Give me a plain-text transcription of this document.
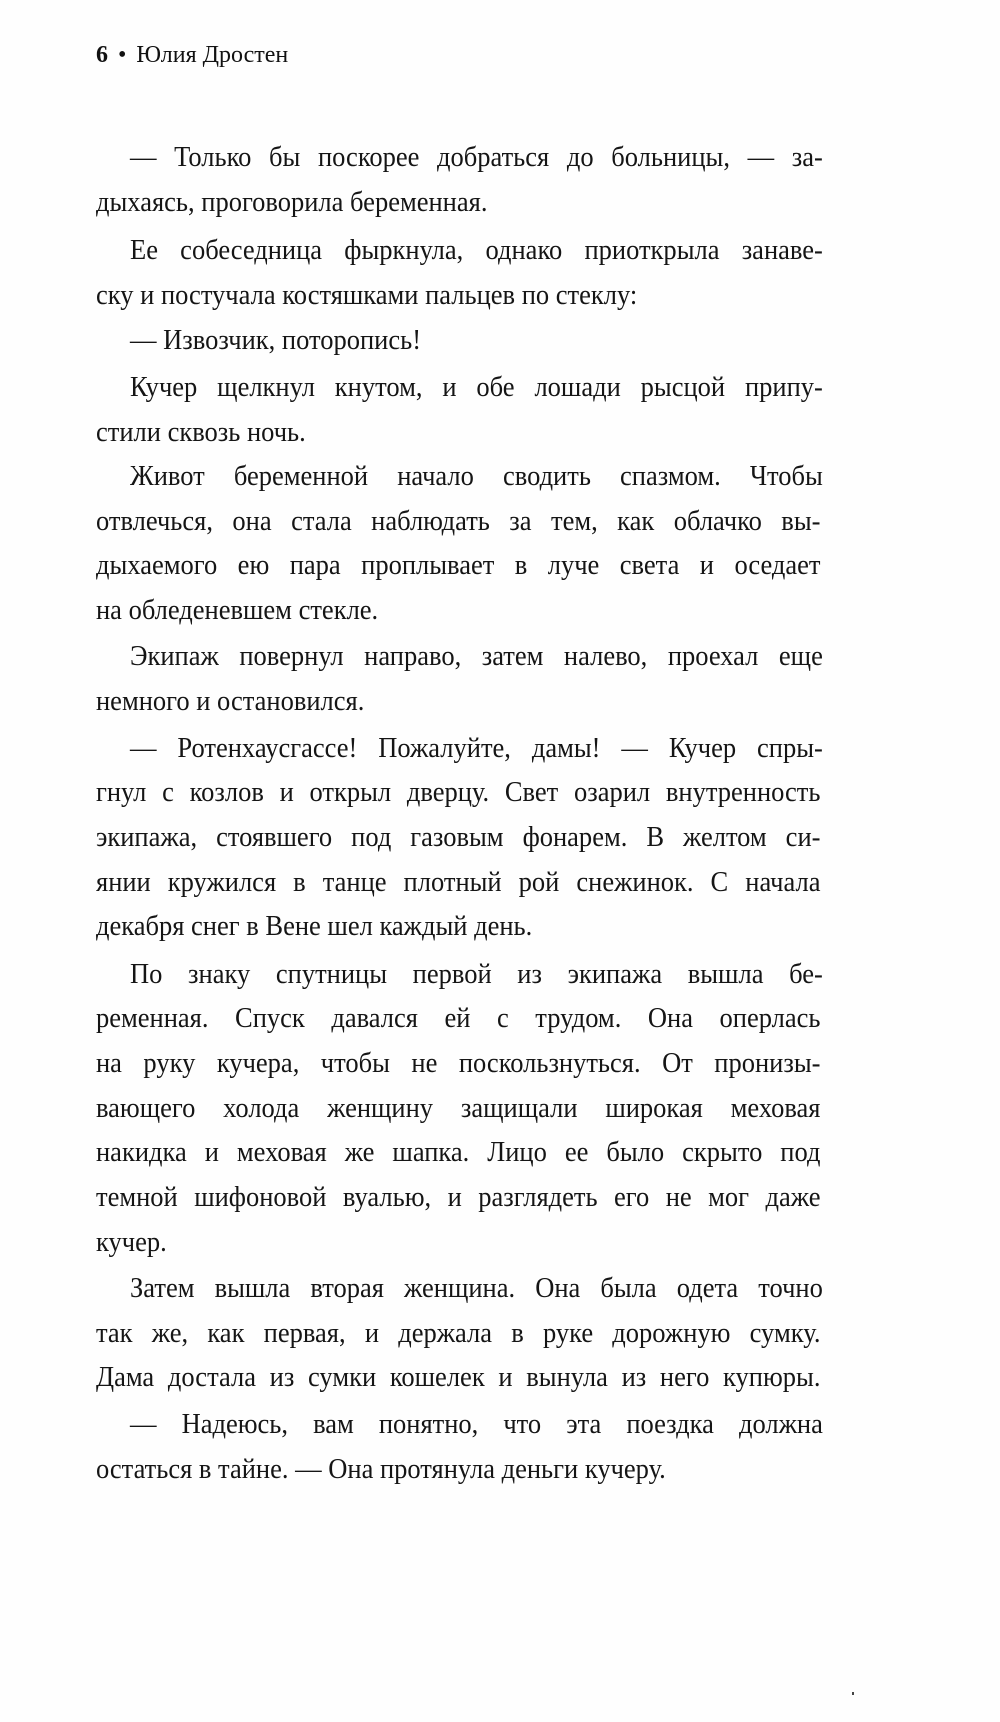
6 • Юлия Дростен
— Только бы поскорее добраться до больницы, — за-
дыхаясь, проговорила беременная.
Ее собеседница фыркнула, однако приоткрыла занаве-
ску и постучала костяшками пальцев по стеклу:
— Извозчик, поторопись!
Кучер щелкнул кнутом, и обе лошади рысцой припу-
стили сквозь ночь.
Живот беременной начало сводить спазмом. Чтобы
отвлечься, она стала наблюдать за тем, как облачко вы-
дыхаемого ею пара проплывает в луче света и оседает
на обледеневшем стекле.
Экипаж повернул направо, затем налево, проехал еще
немного и остановился.
— Ротенхаусгассе! Пожалуйте, дамы! — Кучер спры-
гнул с козлов и открыл дверцу. Свет озарил внутренность
экипажа, стоявшего под газовым фонарем. В желтом си-
янии кружился в танце плотный рой снежинок. С начала
декабря снег в Вене шел каждый день.
По знаку спутницы первой из экипажа вышла бе-
ременная. Спуск давался ей с трудом. Она оперлась
на руку кучера, чтобы не поскользнуться. От пронизы-
вающего холода женщину защищали широкая меховая
накидка и меховая же шапка. Лицо ее было скрыто под
темной шифоновой вуалью, и разглядеть его не мог даже
кучер.
Затем вышла вторая женщина. Она была одета точно
так же, как первая, и держала в руке дорожную сумку.
Дама достала из сумки кошелек и вынула из него купюры.
— Надеюсь, вам понятно, что эта поездка должна
остаться в тайне. — Она протянула деньги кучеру.
